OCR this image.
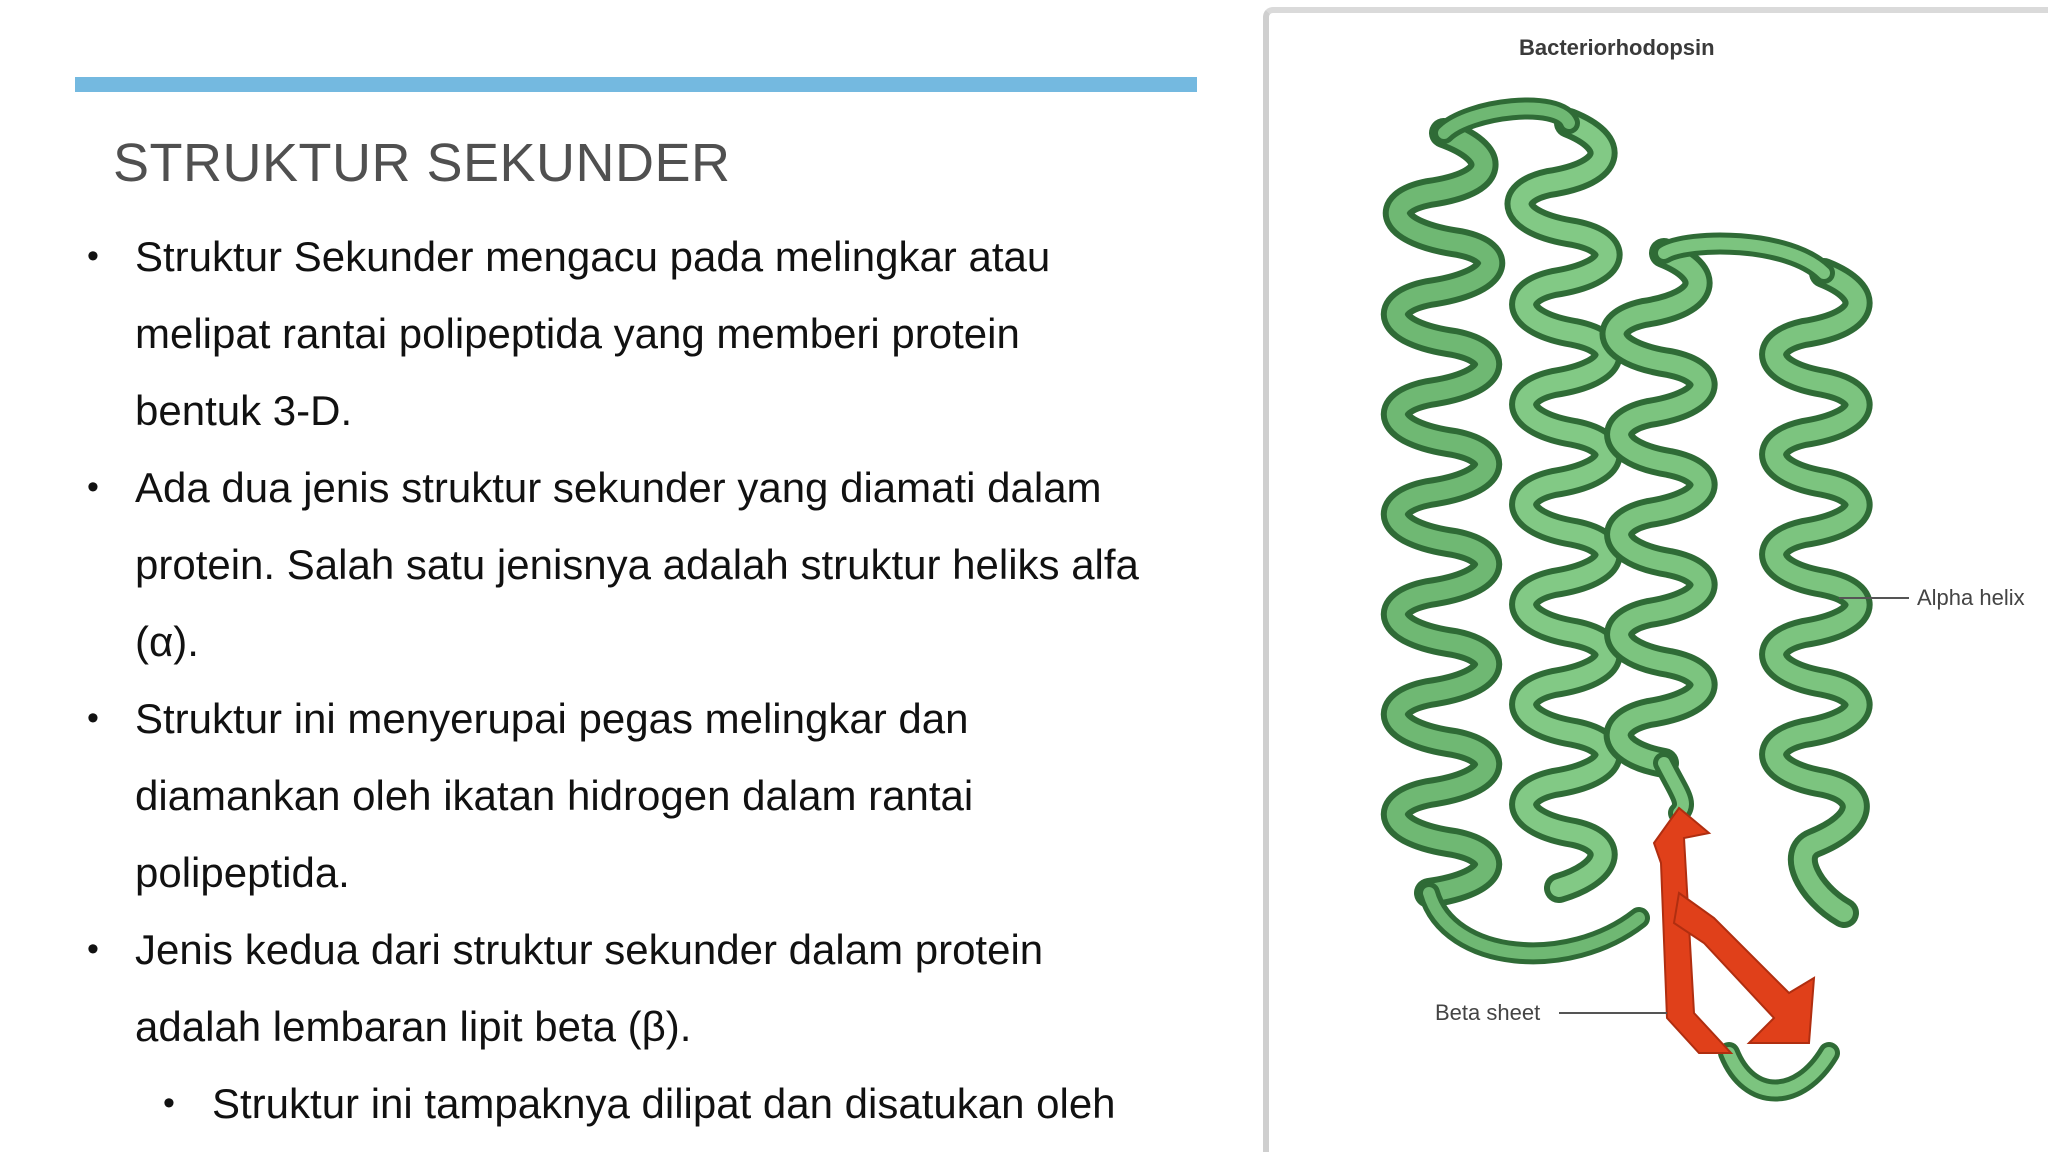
STRUKTUR SEKUNDER
• Struktur Sekunder mengacu pada melingkar atau
melipat rantai polipeptida yang memberi protein
bentuk 3-D.
• Ada dua jenis struktur sekunder yang diamati dalam
protein. Salah satu jenisnya adalah struktur heliks alfa
(α).
• Struktur ini menyerupai pegas melingkar dan
diamankan oleh ikatan hidrogen dalam rantai
polipeptida.
• Jenis kedua dari struktur sekunder dalam protein
adalah lembaran lipit beta (β).
• Struktur ini tampaknya dilipat dan disatukan oleh
Bacteriorhodopsin
Alpha helix
Beta sheet
